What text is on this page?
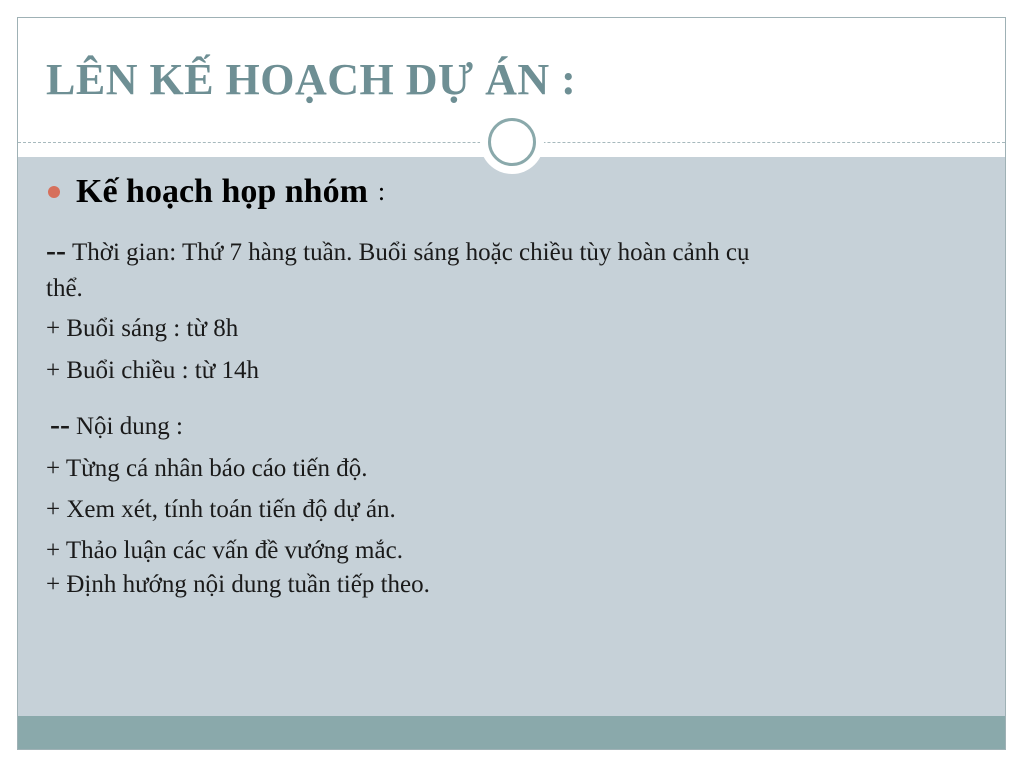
LÊN KẾ HOẠCH DỰ ÁN :
Kế hoạch họp nhóm :

-- Thời gian: Thứ 7 hàng tuần. Buổi sáng hoặc chiều tùy hoàn cảnh cụ

thể.

+ Buổi sáng : từ 8h

+ Buổi chiều : từ 14h

-- Nội dung :

+ Từng cá nhân báo cáo tiến độ.

+ Xem xét, tính toán tiến độ dự án.

+ Thảo luận các vấn đề vướng mắc.

+ Định hướng nội dung tuần tiếp theo.
